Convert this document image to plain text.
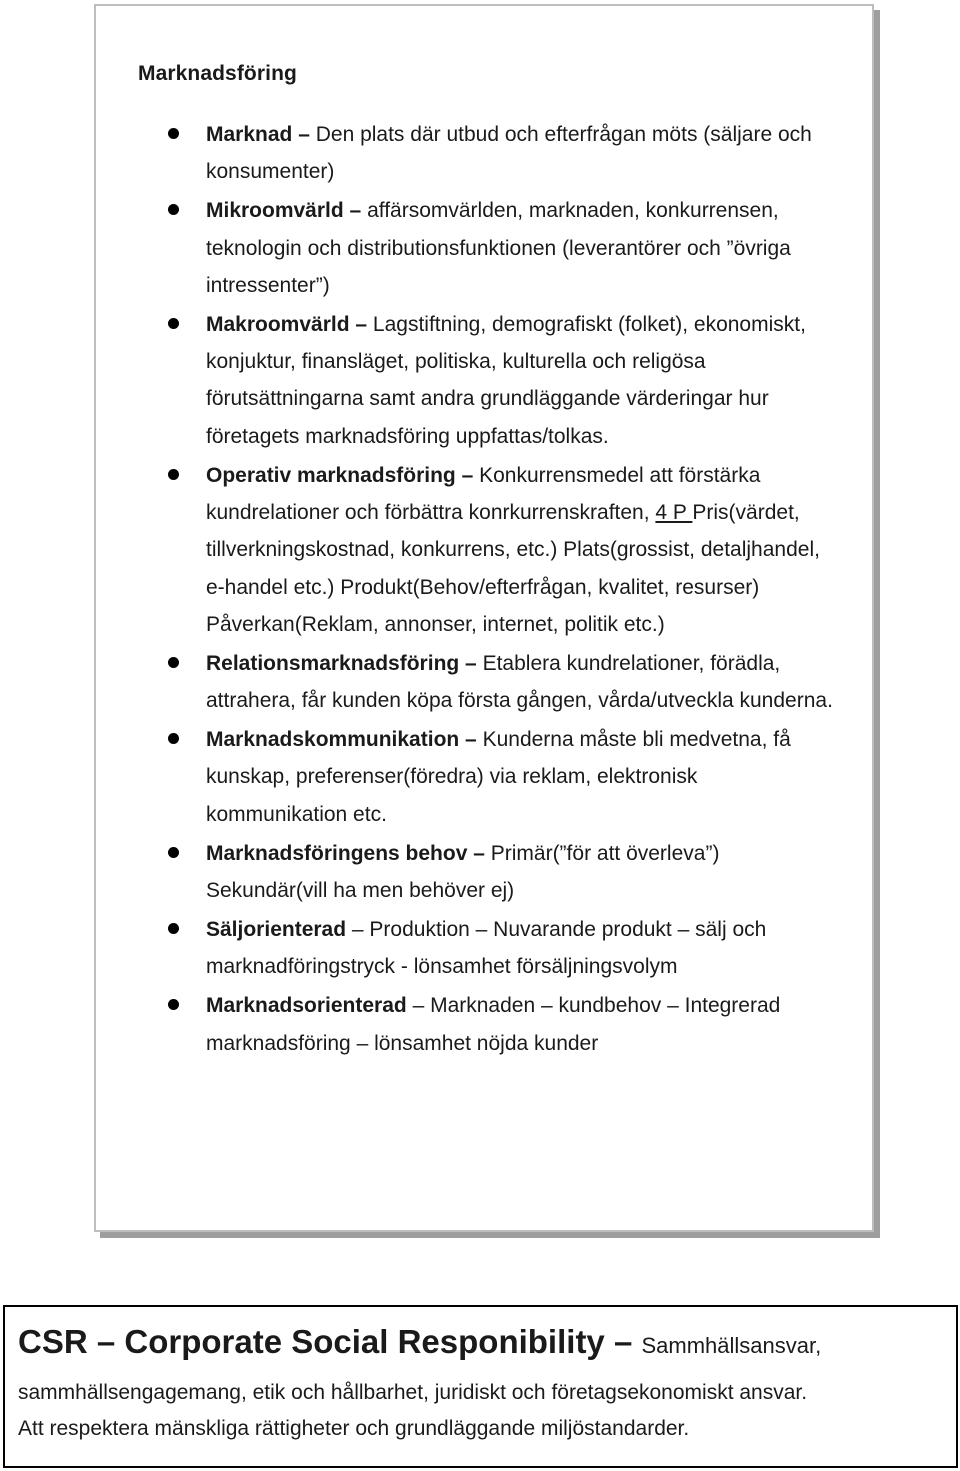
Marknadsföring
Marknad – Den plats där utbud och efterfrågan möts (säljare och konsumenter)
Mikroomvärld – affärsomvärlden, marknaden, konkurrensen, teknologin och distributionsfunktionen (leverantörer och ”övriga intressenter”)
Makroomvärld – Lagstiftning, demografiskt (folket), ekonomiskt, konjuktur, finansläget, politiska, kulturella och religösa förutsättningarna samt andra grundläggande värderingar hur företagets marknadsföring uppfattas/tolkas.
Operativ marknadsföring – Konkurrensmedel att förstärka kundrelationer och förbättra konrkurrenskraften, 4 P Pris(värdet, tillverkningskostnad, konkurrens, etc.) Plats(grossist, detaljhandel, e-handel etc.) Produkt(Behov/efterfrågan, kvalitet, resurser) Påverkan(Reklam, annonser, internet, politik etc.)
Relationsmarknadsföring – Etablera kundrelationer, förädla, attrahera, får kunden köpa första gången, vårda/utveckla kunderna.
Marknadskommunikation – Kunderna måste bli medvetna, få kunskap, preferenser(föredra) via reklam, elektronisk kommunikation etc.
Marknadsföringens behov – Primär(”för att överleva”) Sekundär(vill ha men behöver ej)
Säljorienterad – Produktion – Nuvarande produkt – sälj och marknadföringstryck - lönsamhet försäljningsvolym
Marknadsorienterad – Marknaden – kundbehov – Integrerad marknadsföring – lönsamhet nöjda kunder
CSR – Corporate Social Responibility – Sammhällsansvar,
sammhällsengagemang, etik och hållbarhet, juridiskt och företagsekonomiskt ansvar.
Att respektera mänskliga rättigheter och grundläggande miljöstandarder.
